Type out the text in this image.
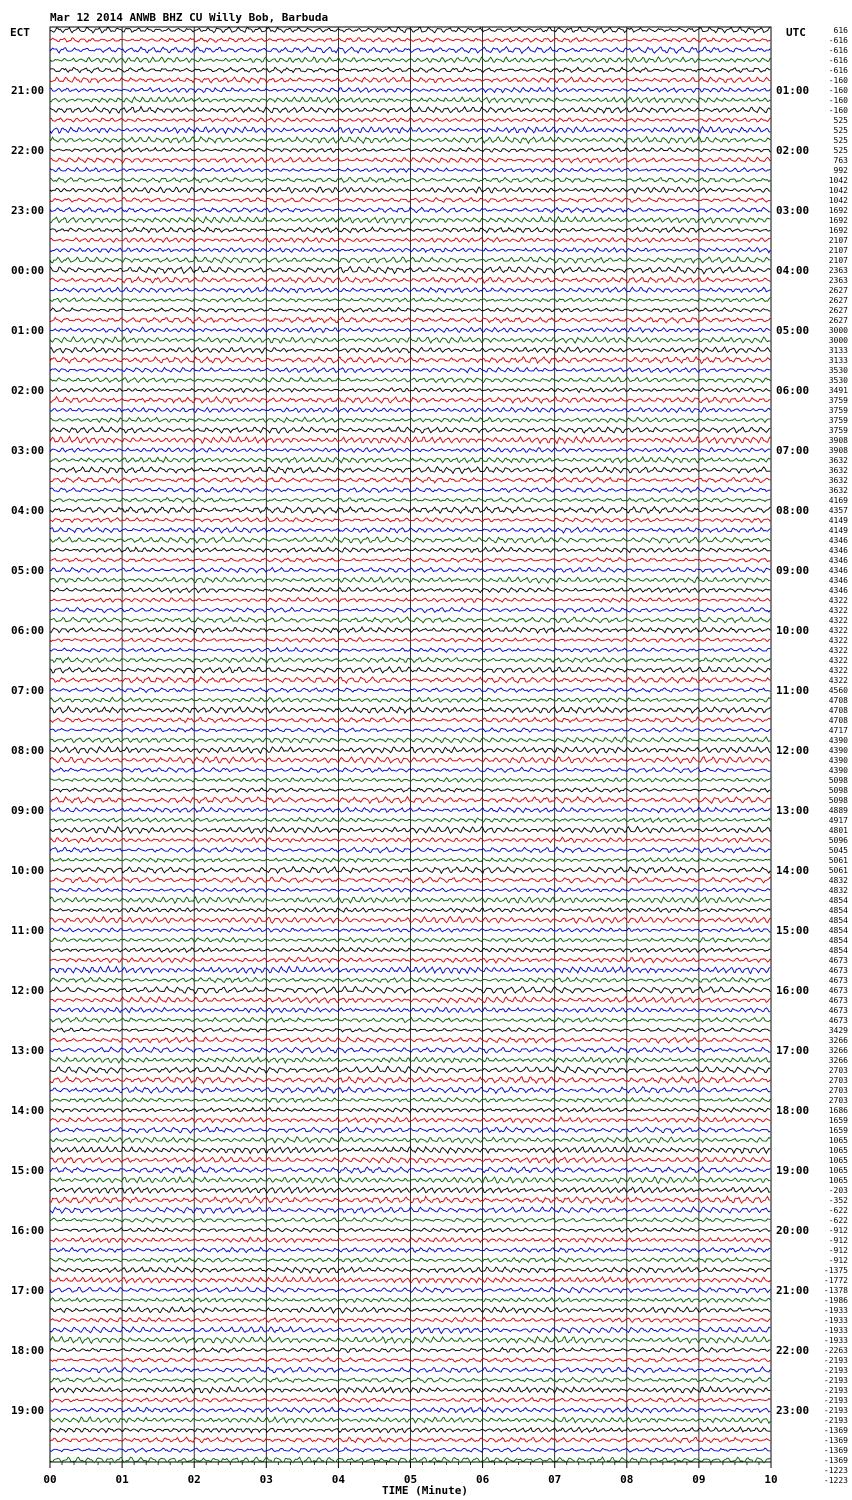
Mar 12 2014 ANWB BHZ CU Willy Bob, Barbuda
ECT	UTC
21:00
22:00
23:00
00:00
01:00
02:00
03:00
04:00
05:00
06:00
07:00
08:00
09:00
10:00
11:00
12:00
13:00
14:00
15:00
16:00
17:00
18:00
19:00
01:00
02:00
03:00
04:00
05:00
06:00
07:00
08:00
09:00
10:00
11:00
12:00
13:00
14:00
15:00
16:00
17:00
18:00
19:00
20:00
21:00
22:00
23:00
616
-616
-616
-616
-616
-160
-160
-160
-160
525
525
525
525
763
992
1042
1042
1042
1692
1692
1692
2107
2107
2107
2363
2363
2627
2627
2627
2627
3000
3000
3133
3133
3530
3530
3491
3759
3759
3759
3759
3908
3908
3632
3632
3632
3632
4169
4357
4149
4149
4346
4346
4346
4346
4346
4346
4322
4322
4322
4322
4322
4322
4322
4322
4322
4560
4708
4708
4708
4717
4390
4390
4390
4390
5098
5098
5098
4889
4917
4801
5096
5045
5061
5061
4832
4832
4854
4854
4854
4854
4854
4854
4673
4673
4673
4673
4673
4673
4673
3429
3266
3266
3266
2703
2703
2703
2703
1686
1659
1659
1065
1065
1065
1065
1065
-203
-352
-622
-622
-912
-912
-912
-912
-1375
-1772
-1378
-1986
-1933
-1933
-1933
-1933
-2263
-2193
-2193
-2193
-2193
-2193
-2193
-2193
-1369
-1369
-1369
-1369
-1223
-1223
00	01	02	03	04	05	06	07	08	09	10
TIME (Minute)
